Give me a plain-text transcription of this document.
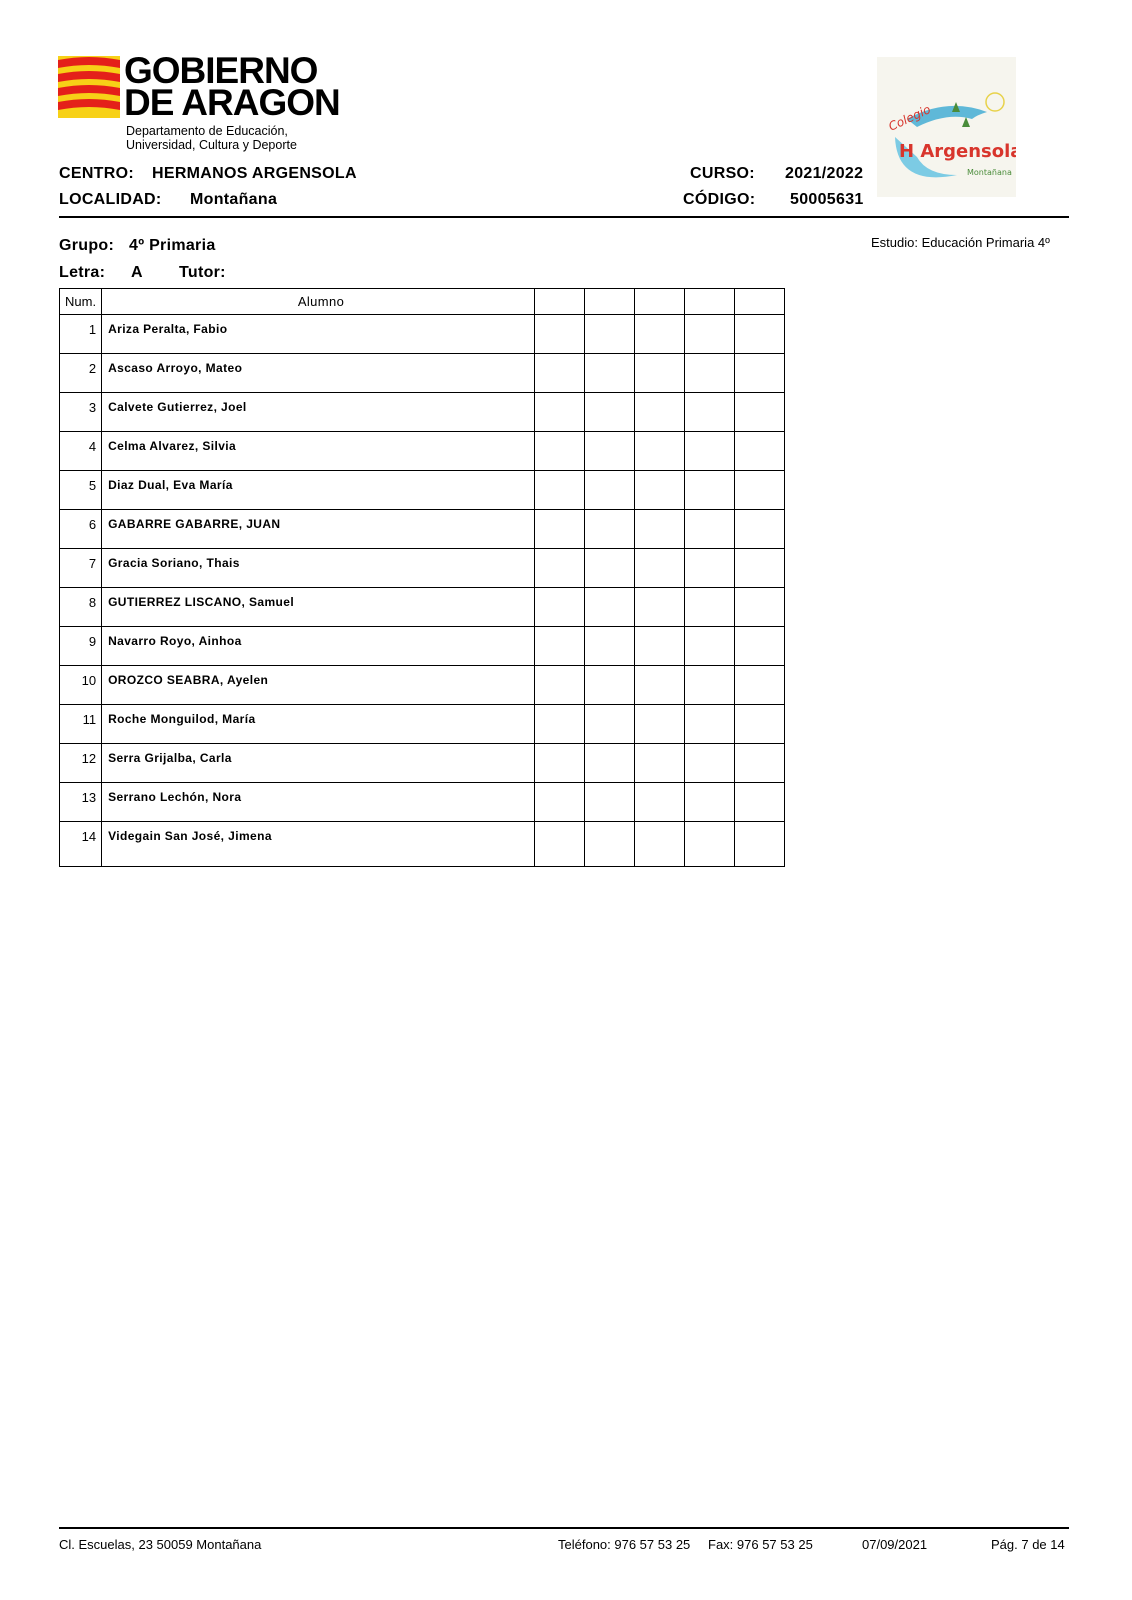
GOBIERNO
DE ARAGON
Departamento de Educación,
Universidad, Cultura y Deporte
Colegio
H Argensola
Montañana
CENTRO: HERMANOS ARGENSOLA
LOCALIDAD: Montañana
CURSO: 2021/2022
CÓDIGO: 50005631
Grupo: 4º Primaria
Letra: A Tutor:
Estudio: Educación Primaria 4º
Num.	Alumno					
1	Ariza Peralta, Fabio					
2	Ascaso Arroyo, Mateo					
3	Calvete Gutierrez, Joel					
4	Celma Alvarez, Silvia					
5	Diaz Dual, Eva María					
6	GABARRE GABARRE, JUAN					
7	Gracia Soriano, Thais					
8	GUTIERREZ LISCANO, Samuel					
9	Navarro Royo, Ainhoa					
10	OROZCO SEABRA, Ayelen					
11	Roche Monguilod, María					
12	Serra Grijalba, Carla					
13	Serrano Lechón, Nora					
14	Videgain San José, Jimena					
Cl. Escuelas, 23 50059 Montañana	Teléfono: 976 57 53 25 Fax: 976 57 53 25	07/09/2021	Pág. 7 de 14
